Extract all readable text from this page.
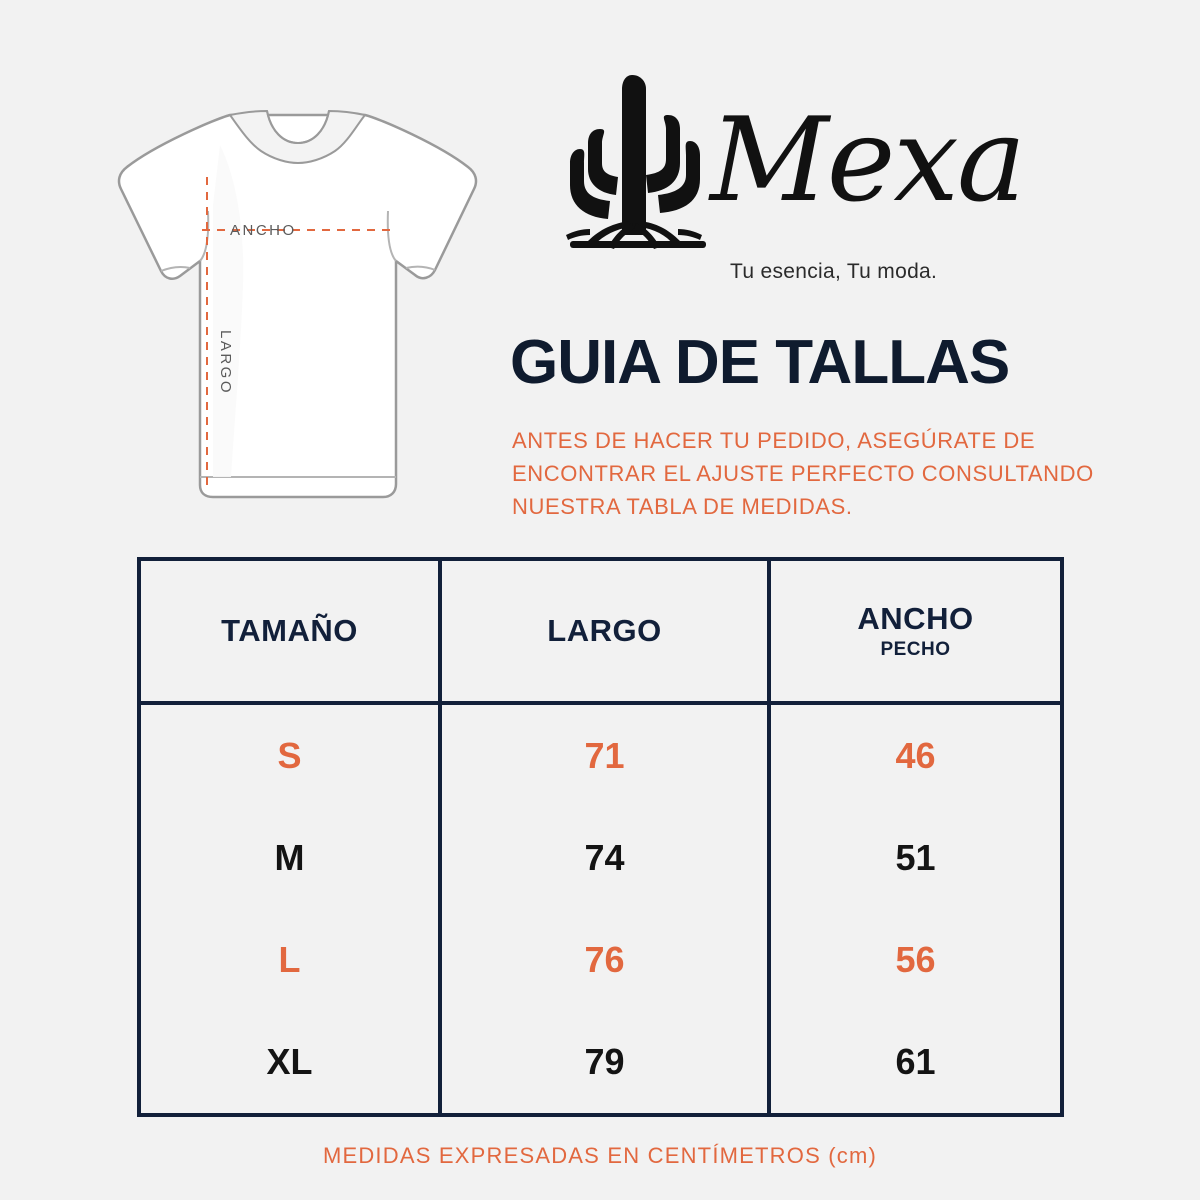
ANCHO
LARGO
Mexa
Tu esencia, Tu moda.
GUIA DE TALLAS
ANTES DE HACER TU PEDIDO, ASEGÚRATE DE ENCONTRAR EL AJUSTE PERFECTO CONSULTANDO NUESTRA TABLA DE MEDIDAS.
TAMAÑO	LARGO	ANCHO
PECHO
S	71	46
M	74	51
L	76	56
XL	79	61
MEDIDAS EXPRESADAS EN CENTÍMETROS (cm)
